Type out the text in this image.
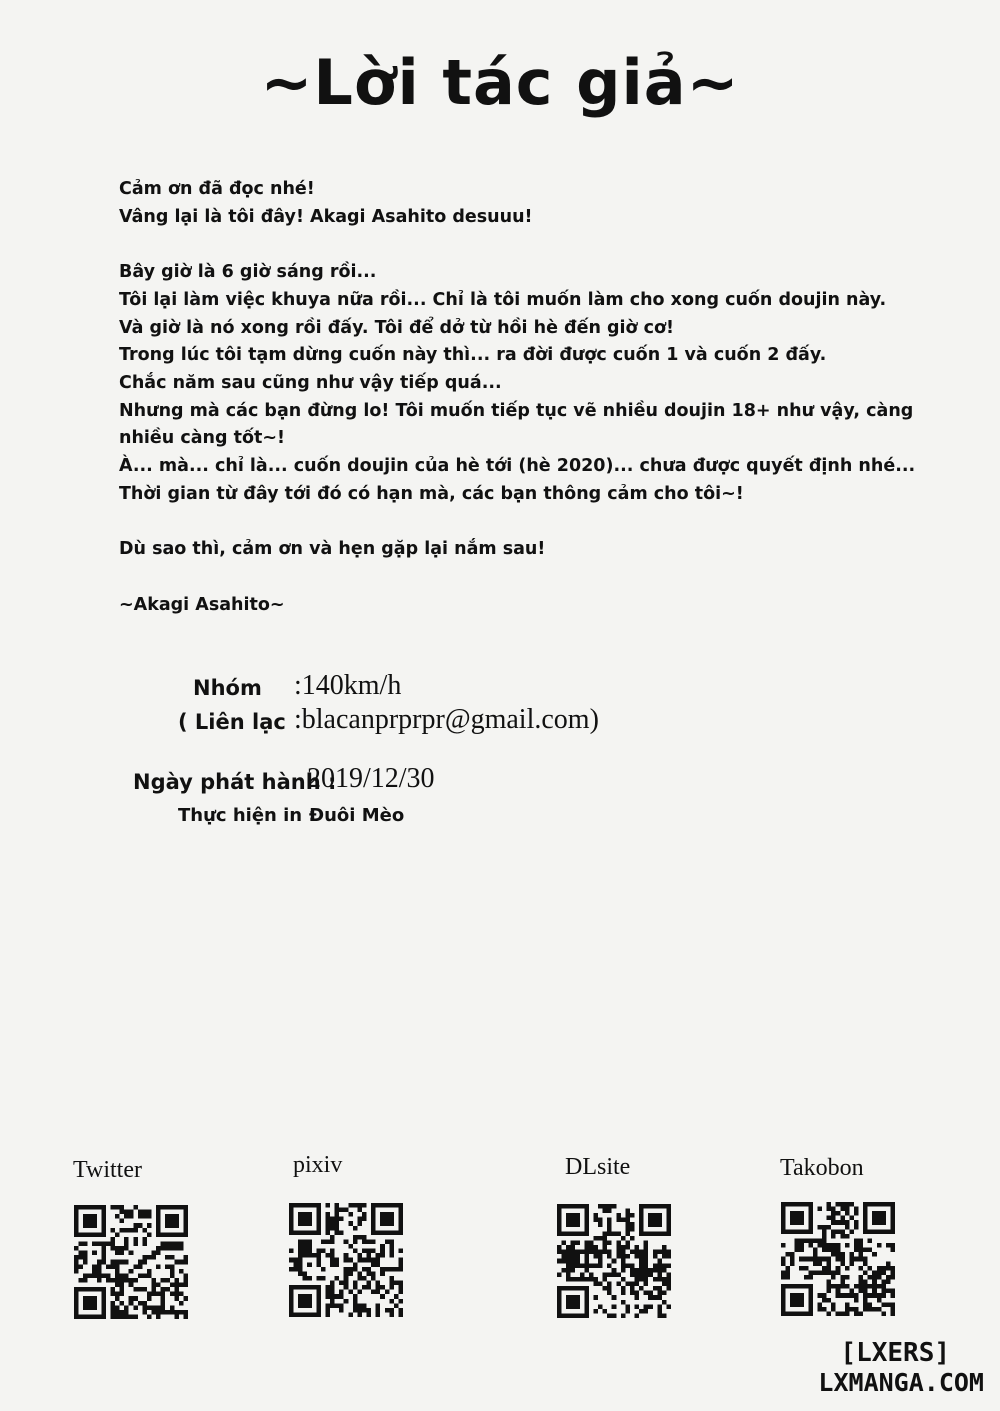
~Lời tác giả~

Cảm ơn đã đọc nhé!

Vâng lại là tôi đây! Akagi Asahito desuuu!

Bây giờ là 6 giờ sáng rồi...

Tôi lại làm việc khuya nữa rồi... Chỉ là tôi muốn làm cho xong cuốn doujin này.

Và giờ là nó xong rồi đấy. Tôi để dở từ hồi hè đến giờ cơ!

Trong lúc tôi tạm dừng cuốn này thì... ra đời được cuốn 1 và cuốn 2 đấy.

Chắc năm sau cũng như vậy tiếp quá...

Nhưng mà các bạn đừng lo! Tôi muốn tiếp tục vẽ nhiều doujin 18+ như vậy, càng nhiều càng tốt~!

À... mà... chỉ là... cuốn doujin của hè tới (hè 2020)... chưa được quyết định nhé... Thời gian từ đây tới đó có hạn mà, các bạn thông cảm cho tôi~!

Dù sao thì, cảm ơn và hẹn gặp lại nắm sau!

~Akagi Asahito~

Nhóm :140km/h
( Liên lạc :blacanprprpr@gmail.com)
Ngày phát hành :
2019/12/30
Thực hiện in :
Đuôi Mèo
Twitter	pixiv	DLsite	Takobon
[LXERS]
LXMANGA.COM
